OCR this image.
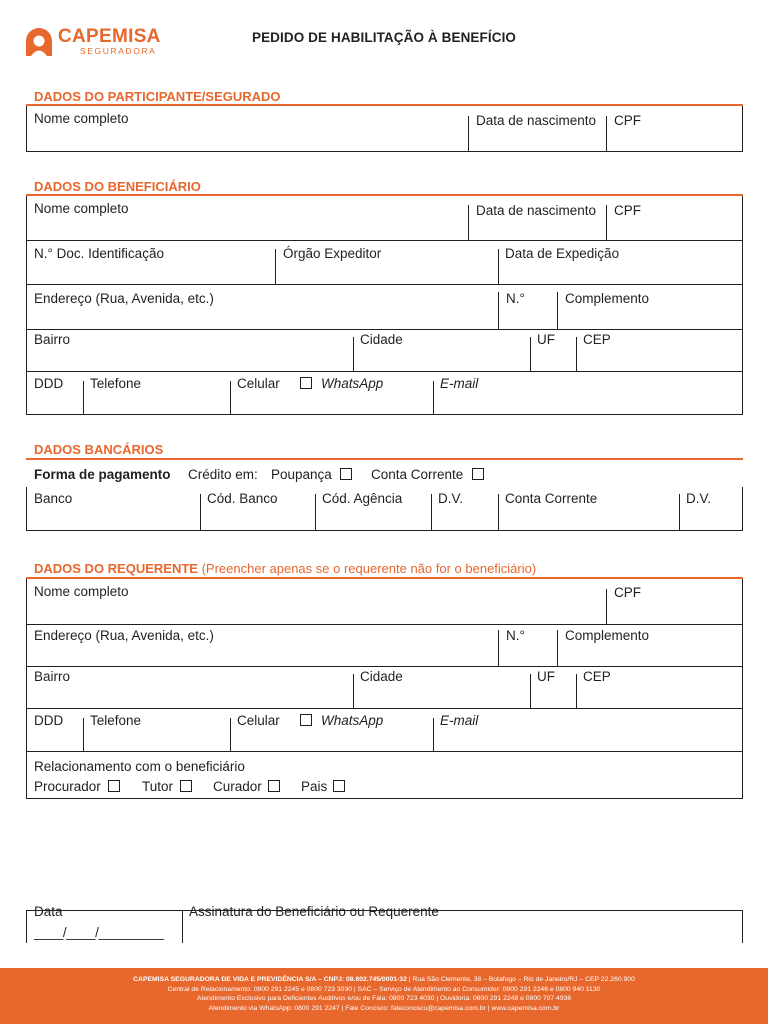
CAPEMISA
SEGURADORA
PEDIDO DE HABILITAÇÃO À BENEFÍCIO
DADOS DO PARTICIPANTE/SEGURADO
Nome completo	Data de nascimento CPF
DADOS DO BENEFICIÁRIO
Nome completo	Data de nascimento CPF
N.° Doc. Identificação	Órgão Expeditor	Data de Expedição
Endereço (Rua, Avenida, etc.)	N.°	Complemento
Bairro	Cidade	UF CEP
DDD Telefone	Celular	WhatsApp	E-mail
DADOS BANCÁRIOS
Forma de pagamento Crédito em: Poupança	Conta Corrente
Banco	Cód. Banco	Cód. Agência	D.V.	Conta Corrente	D.V.
DADOS DO REQUERENTE (Preencher apenas se o requerente não for o beneficiário)
Nome completo	CPF
Endereço (Rua, Avenida, etc.)	N.°	Complemento
Bairro	Cidade	UF CEP
DDD Telefone	Celular	WhatsApp	E-mail
Relacionamento com o beneficiário
Procurador	Tutor	Curador	Pais
Data
____/____/_________
Assinatura do Beneficiário ou Requerente
CAPEMISA SEGURADORA DE VIDA E PREVIDÊNCIA S/A – CNPJ: 08.602.745/0001-32 | Rua São Clemente, 38 – Botafogo – Rio de Janeiro/RJ – CEP 22.260.900
Central de Relacionamento: 0800 291 2245 e 0800 723 3030 | SAC – Serviço de Atendimento ao Consumidor: 0800 291 2246 e 0800 940 1130
Atendimento Exclusivo para Deficientes Auditivos e/ou de Fala: 0800 723 4030 | Ouvidoria: 0800 291 2248 e 0800 707 4936
Atendimento via WhatsApp: 0800 291 2247 | Fale Conosco: faleconosco@capemisa.com.br | www.capemisa.com.br
